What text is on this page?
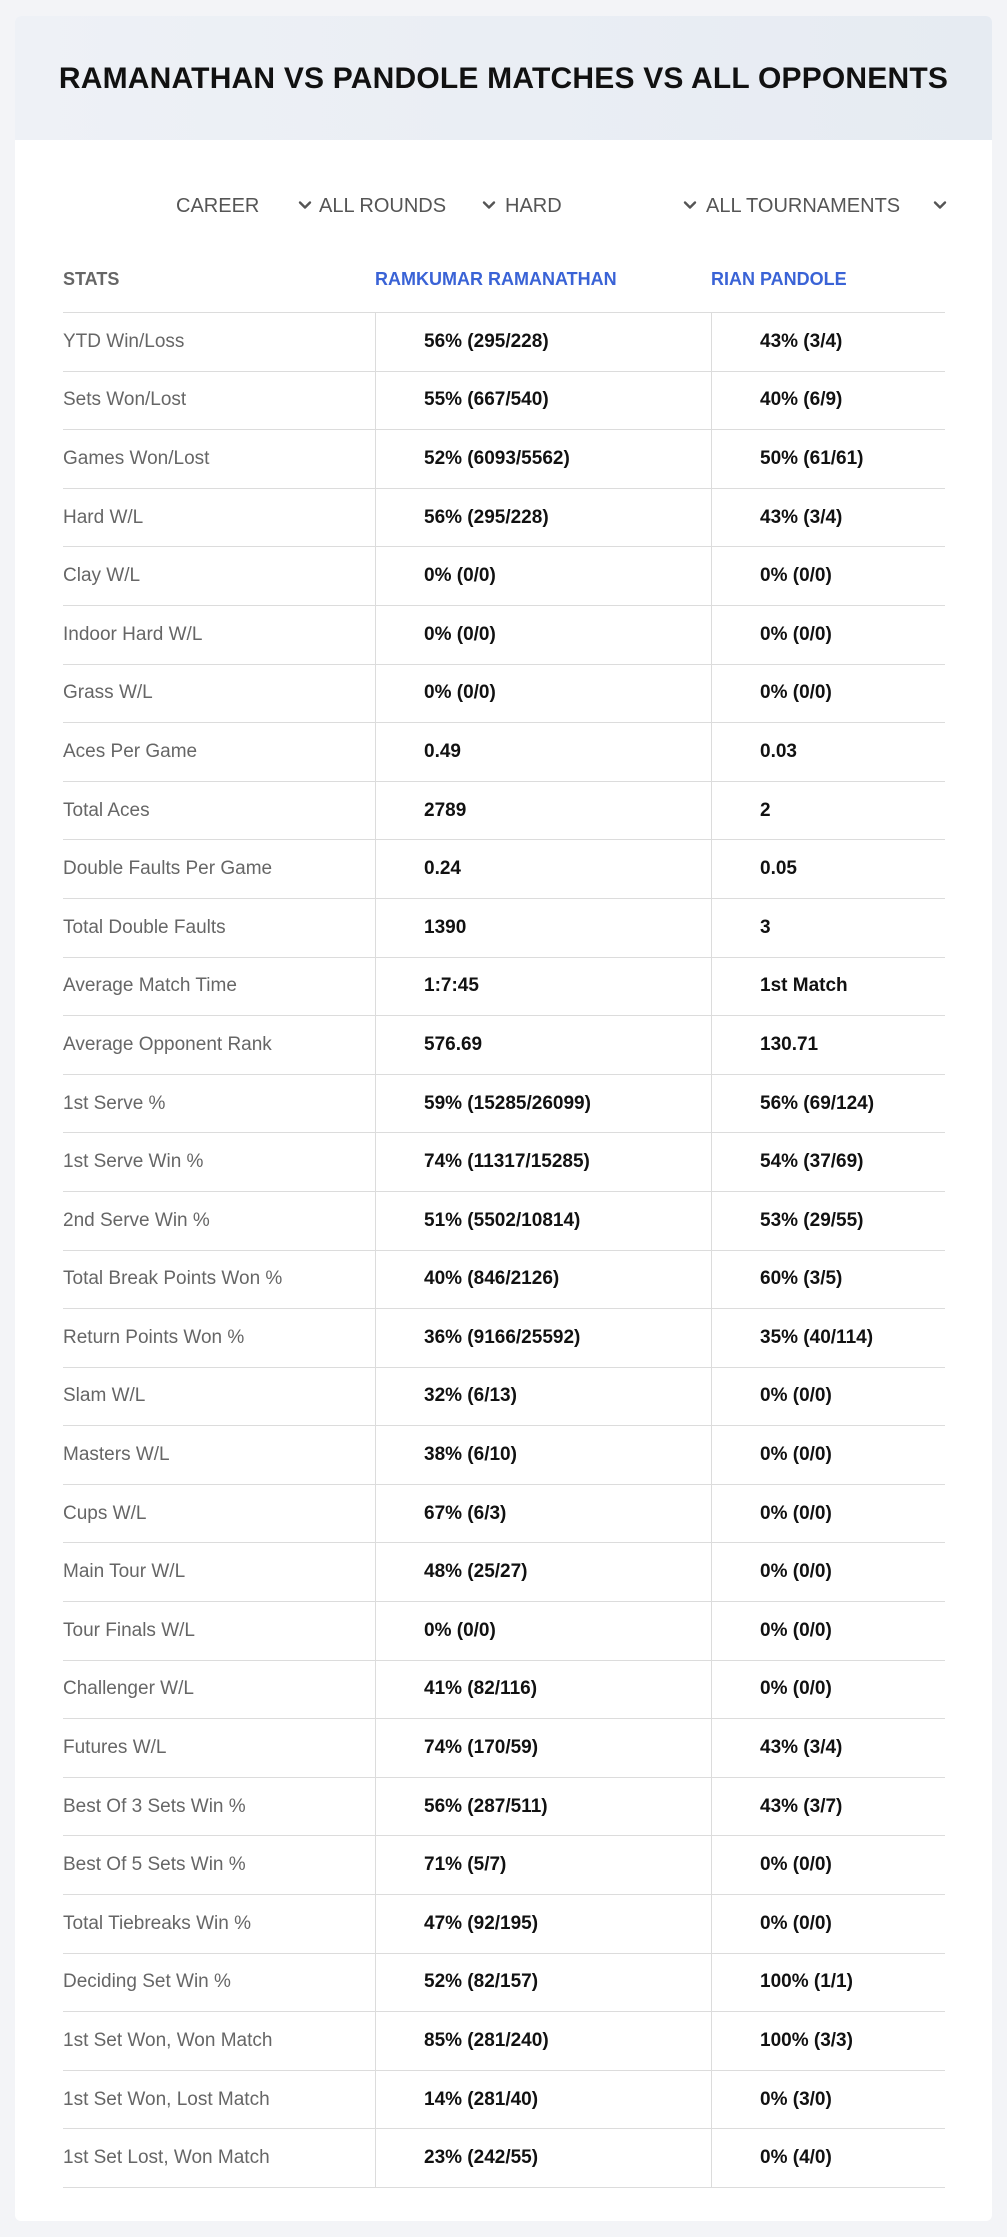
RAMANATHAN VS PANDOLE MATCHES VS ALL OPPONENTS
CAREER	ALL ROUNDS	HARD	ALL TOURNAMENTS
STATS	RAMKUMAR RAMANATHAN	RIAN PANDOLE
YTD Win/Loss	56% (295/228)	43% (3/4)
Sets Won/Lost	55% (667/540)	40% (6/9)
Games Won/Lost	52% (6093/5562)	50% (61/61)
Hard W/L	56% (295/228)	43% (3/4)
Clay W/L	0% (0/0)	0% (0/0)
Indoor Hard W/L	0% (0/0)	0% (0/0)
Grass W/L	0% (0/0)	0% (0/0)
Aces Per Game	0.49	0.03
Total Aces	2789	2
Double Faults Per Game	0.24	0.05
Total Double Faults	1390	3
Average Match Time	1:7:45	1st Match
Average Opponent Rank	576.69	130.71
1st Serve %	59% (15285/26099)	56% (69/124)
1st Serve Win %	74% (11317/15285)	54% (37/69)
2nd Serve Win %	51% (5502/10814)	53% (29/55)
Total Break Points Won %	40% (846/2126)	60% (3/5)
Return Points Won %	36% (9166/25592)	35% (40/114)
Slam W/L	32% (6/13)	0% (0/0)
Masters W/L	38% (6/10)	0% (0/0)
Cups W/L	67% (6/3)	0% (0/0)
Main Tour W/L	48% (25/27)	0% (0/0)
Tour Finals W/L	0% (0/0)	0% (0/0)
Challenger W/L	41% (82/116)	0% (0/0)
Futures W/L	74% (170/59)	43% (3/4)
Best Of 3 Sets Win %	56% (287/511)	43% (3/7)
Best Of 5 Sets Win %	71% (5/7)	0% (0/0)
Total Tiebreaks Win %	47% (92/195)	0% (0/0)
Deciding Set Win %	52% (82/157)	100% (1/1)
1st Set Won, Won Match	85% (281/240)	100% (3/3)
1st Set Won, Lost Match	14% (281/40)	0% (3/0)
1st Set Lost, Won Match	23% (242/55)	0% (4/0)
